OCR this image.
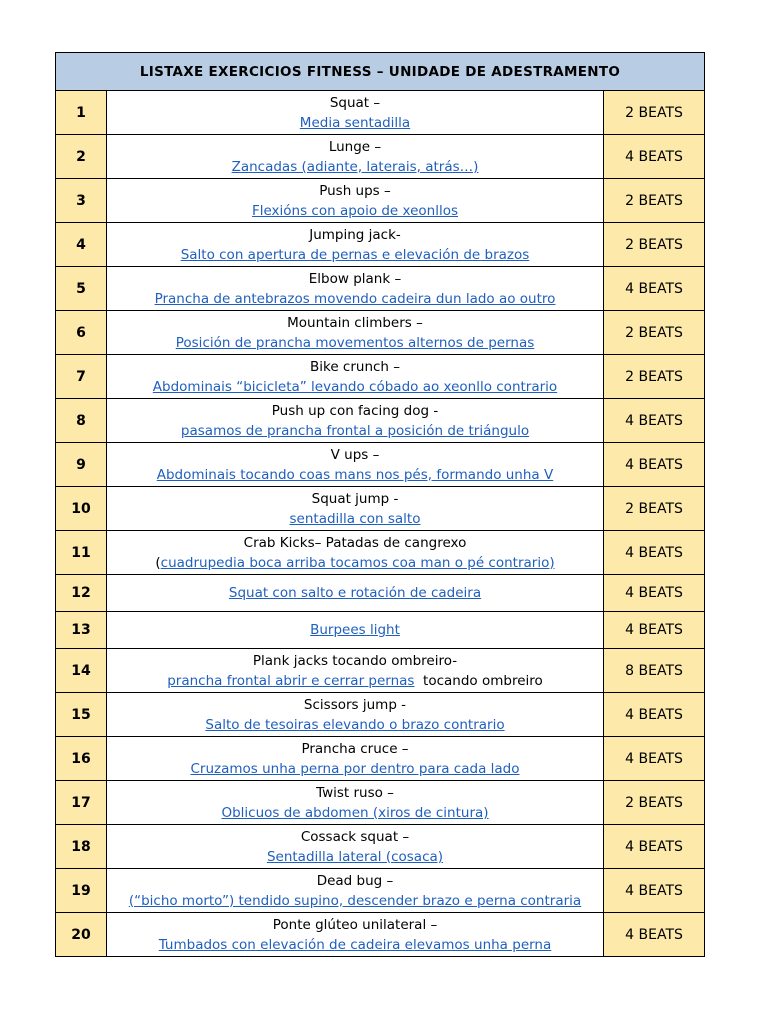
LISTAXE EXERCICIOS FITNESS – UNIDADE DE ADESTRAMENTO		
1	Squat –
Media sentadilla	2 BEATS
2	Lunge –
Zancadas (adiante, laterais, atrás…)	4 BEATS
3	Push ups –
Flexións con apoio de xeonllos	2 BEATS
4	Jumping jack-
Salto con apertura de pernas e elevación de brazos	2 BEATS
5	Elbow plank –
Prancha de antebrazos movendo cadeira dun lado ao outro	4 BEATS
6	Mountain climbers –
Posición de prancha movementos alternos de pernas	2 BEATS
7	Bike crunch –
Abdominais “bicicleta” levando cóbado ao xeonllo contrario	2 BEATS
8	Push up con facing dog -
pasamos de prancha frontal a posición de triángulo	4 BEATS
9	V ups –
Abdominais tocando coas mans nos pés, formando unha V	4 BEATS
10	Squat jump -
sentadilla con salto	2 BEATS
11	Crab Kicks– Patadas de cangrexo
(cuadrupedia boca arriba tocamos coa man o pé contrario)	4 BEATS
12	Squat con salto e rotación de cadeira	4 BEATS
13	Burpees light	4 BEATS
14	Plank jacks tocando ombreiro-
prancha frontal abrir e cerrar pernas  tocando ombreiro	8 BEATS
15	Scissors jump -
Salto de tesoiras elevando o brazo contrario	4 BEATS
16	Prancha cruce –
Cruzamos unha perna por dentro para cada lado	4 BEATS
17	Twist ruso –
Oblicuos de abdomen (xiros de cintura)	2 BEATS
18	Cossack squat –
Sentadilla lateral (cosaca)	4 BEATS
19	Dead bug –
(“bicho morto”) tendido supino, descender brazo e perna contraria	4 BEATS
20	Ponte glúteo unilateral –
Tumbados con elevación de cadeira elevamos unha perna	4 BEATS
